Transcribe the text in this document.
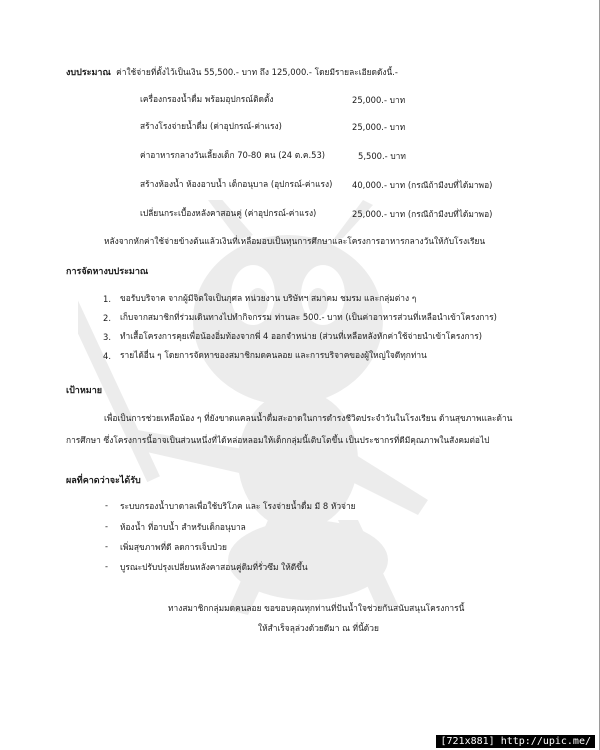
งบประมาณ ค่าใช้จ่ายที่ตั้งไว้เป็นเงิน 55,500.- บาท ถึง 125,000.- โดยมีรายละเอียดดังนี้.-
เครื่องกรองน้ำดื่ม พร้อมอุปกรณ์ติดตั้ง	25,000.- บาท
สร้างโรงจ่ายน้ำดื่ม (ค่าอุปกรณ์-ค่าแรง)	25,000.- บาท
ค่าอาหารกลางวันเลี้ยงเด็ก 70-80 คน (24 ต.ค.53)	5,500.- บาท
สร้างห้องน้ำ ห้องอาบน้ำ เด็กอนุบาล (อุปกรณ์-ค่าแรง) 40,000.- บาท (กรณีถ้ามีงบที่ได้มาพอ)
เปลี่ยนกระเบื้องหลังคาสอนคู่ (ค่าอุปกรณ์-ค่าแรง)	25,000.- บาท (กรณีถ้ามีงบที่ได้มาพอ)
หลังจากหักค่าใช้จ่ายข้างต้นแล้วเงินที่เหลือมอบเป็นทุนการศึกษาและโครงการอาหารกลางวันให้กับโรงเรียน
การจัดหางบประมาณ
1. ขอรับบริจาค จากผู้มีจิตใจเป็นกุศล หน่วยงาน บริษัทฯ สมาคม ชมรม และกลุ่มต่าง ๆ
2. เก็บจากสมาชิกที่ร่วมเดินทางไปทำกิจกรรม ท่านละ 500.- บาท (เป็นค่าอาหารส่วนที่เหลือนำเข้าโครงการ)
3. ทำเสื้อโครงการคุยเพื่อน้องอิ่มท้องจากพี่ 4 ออกจำหน่าย (ส่วนที่เหลือหลังหักค่าใช้จ่ายนำเข้าโครงการ)
4. รายได้อื่น ๆ โดยการจัดหาของสมาชิกมดคนลอย และการบริจาคของผู้ใหญ่ใจดีทุกท่าน
เป้าหมาย
เพื่อเป็นการช่วยเหลือน้อง ๆ ที่ยังขาดแคลนน้ำดื่มสะอาดในการดำรงชีวิตประจำวันในโรงเรียน ด้านสุขภาพและด้าน
การศึกษา ซึ่งโครงการนี้อาจเป็นส่วนหนึ่งที่ได้หล่อหลอมให้เด็กกลุ่มนี้เติบโตขึ้น เป็นประชากรที่ดีมีคุณภาพในสังคมต่อไป
ผลที่คาดว่าจะได้รับ
- ระบบกรองน้ำบาดาลเพื่อใช้บริโภค และ โรงจ่ายน้ำดื่ม มี 8 หัวจ่าย
- ห้องน้ำ ที่อาบน้ำ สำหรับเด็กอนุบาล
- เพิ่มสุขภาพที่ดี ลดการเจ็บป่วย
- บูรณะปรับปรุงเปลี่ยนหลังคาสอนคู่ดิมที่รั่วซึม ให้ดีขึ้น
ทางสมาชิกกลุ่มมดคนลอย ขอขอบคุณทุกท่านที่ปันน้ำใจช่วยกันสนับสนุนโครงการนี้
ให้สำเร็จลุล่วงด้วยดีมา ณ ที่นี้ด้วย
[721x881] http://upic.me/
